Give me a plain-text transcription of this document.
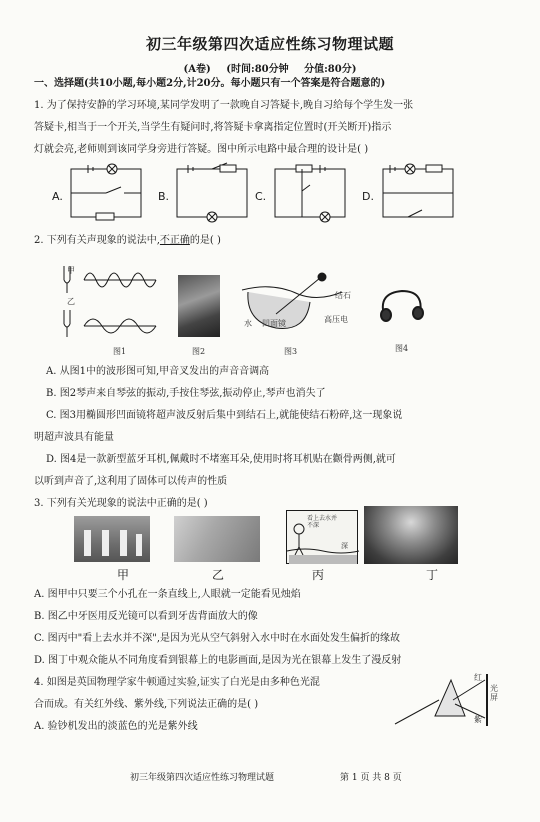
初三年级第四次适应性练习物理试题
(A卷) (时间:80分钟 分值:80分)
一、选择题(共10小题,每小题2分,计20分。每小题只有一个答案是符合题意的)
1. 为了保持安静的学习环境,某同学发明了一款晚自习答疑卡,晚自习给每个学生发一张
答疑卡,相当于一个开关,当学生有疑问时,将答疑卡拿离指定位置时(开关断开)指示
灯就会亮,老师则到该同学身旁进行答疑。图中所示电路中最合理的设计是( )
A.	B.	C.	D.
2. 下列有关声现象的说法中,不正确的是( )
甲
乙
结石
水 凹面镜	高压电
图1	图2	图3	图4
A. 从图1中的波形图可知,甲音叉发出的声音音调高
B. 图2琴声来自琴弦的振动,手按住琴弦,振动停止,琴声也消失了
C. 图3用椭圆形凹面镜将超声波反射后集中到结石上,就能使结石粉碎,这一现象说
明超声波具有能量
D. 图4是一款新型蓝牙耳机,佩戴时不堵塞耳朵,使用时将耳机贴在颧骨两侧,就可
以听到声音了,这利用了固体可以传声的性质
3. 下列有关光现象的说法中正确的是( )
看上去水并不深
深
甲	乙	丙	丁
A. 图甲中只要三个小孔在一条直线上,人眼就一定能看见烛焰
B. 图乙中牙医用反光镜可以看到牙齿背面放大的像
C. 图丙中"看上去水并不深",是因为光从空气斜射入水中时在水面处发生偏折的缘故
D. 图丁中观众能从不同角度看到银幕上的电影画面,是因为光在银幕上发生了漫反射
4. 如图是英国物理学家牛顿通过实验,证实了白光是由多种色光混
合而成。有关红外线、紫外线,下列说法正确的是( )
A. 验钞机发出的淡蓝色的光是紫外线
红
光屏
紫
初三年级第四次适应性练习物理试题	第 1 页 共 8 页
